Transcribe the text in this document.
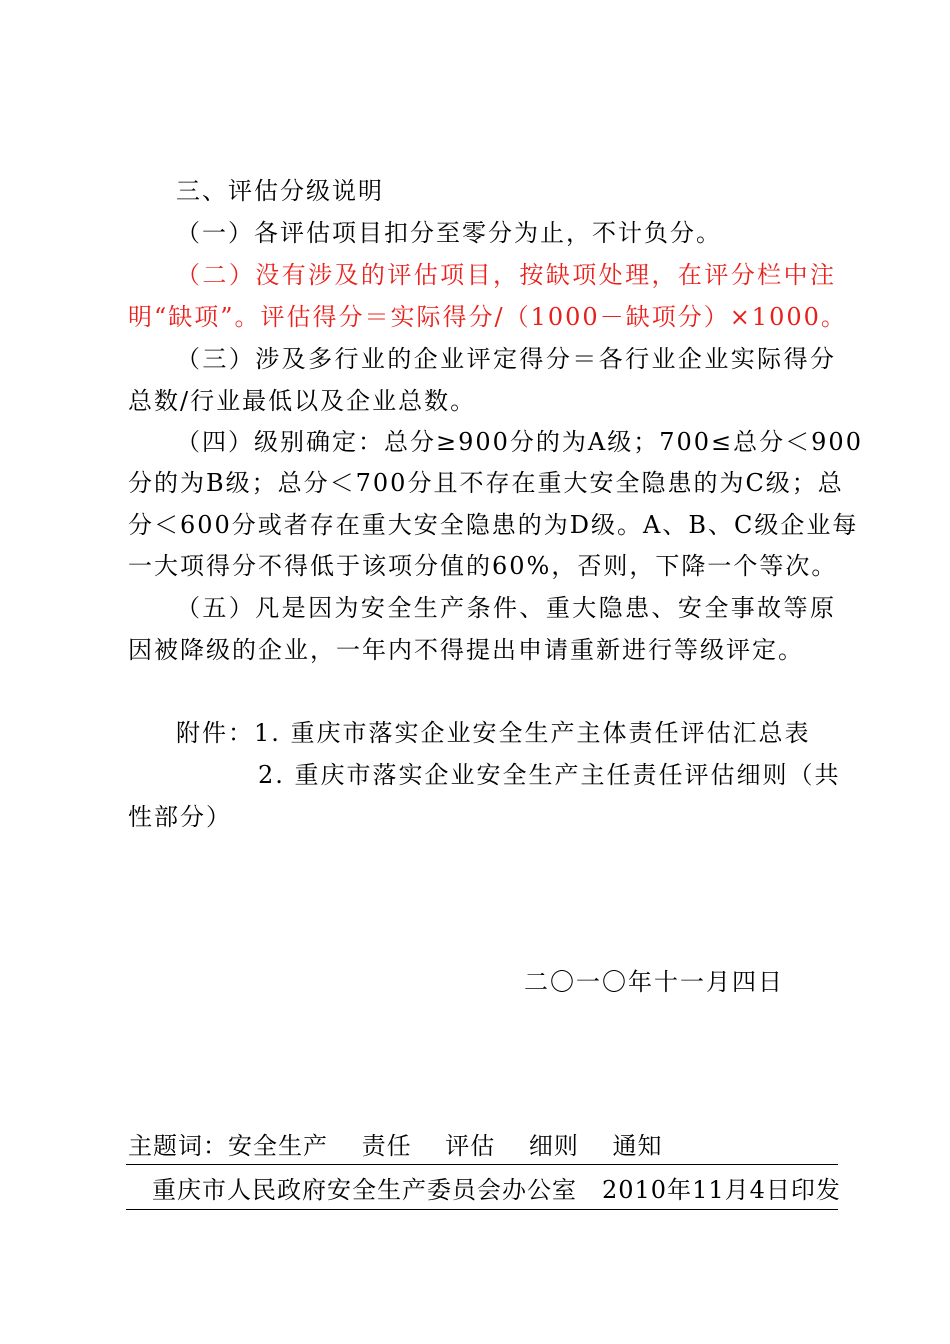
三、评估分级说明
（一）各评估项目扣分至零分为止，不计负分。
（二）没有涉及的评估项目，按缺项处理，在评分栏中注
明“缺项”。评估得分＝实际得分/（1000－缺项分）×1000。
（三）涉及多行业的企业评定得分＝各行业企业实际得分
总数/行业最低以及企业总数。
（四）级别确定：总分≥900分的为A级；700≤总分＜900
分的为B级；总分＜700分且不存在重大安全隐患的为C级；总
分＜600分或者存在重大安全隐患的为D级。A、B、C级企业每
一大项得分不得低于该项分值的60%，否则，下降一个等次。
（五）凡是因为安全生产条件、重大隐患、安全事故等原
因被降级的企业，一年内不得提出申请重新进行等级评定。
附件：1. 重庆市落实企业安全生产主体责任评估汇总表
2. 重庆市落实企业安全生产主任责任评估细则（共
性部分）
二〇一〇年十一月四日
主题词：安全生产　 责任　 评估　 细则　 通知
重庆市人民政府安全生产委员会办公室　2010年11月4日印发
